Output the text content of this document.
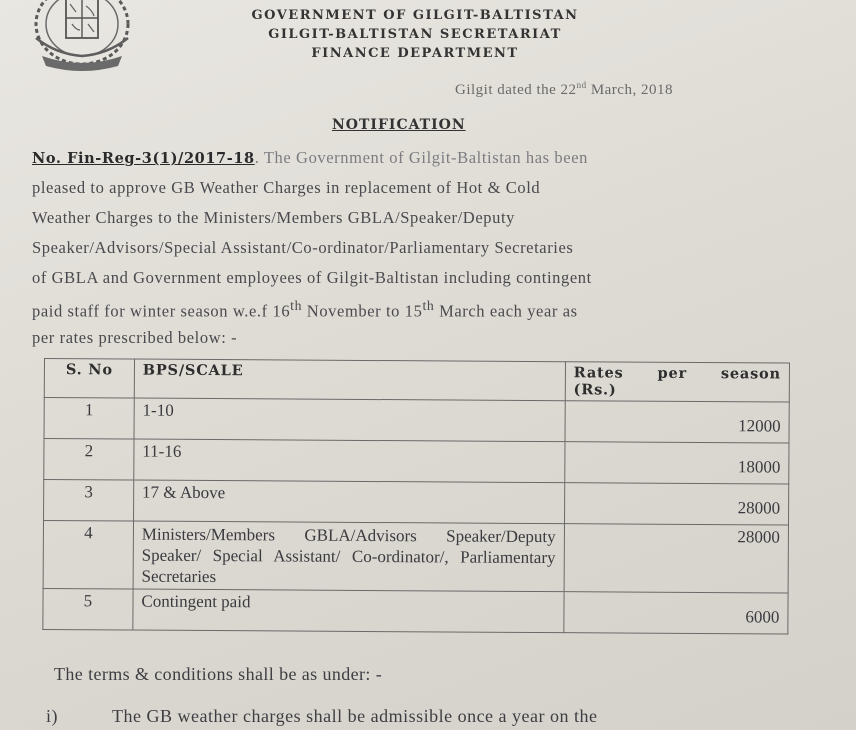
GOVERNMENT OF GILGIT-BALTISTAN
GILGIT-BALTISTAN SECRETARIAT
FINANCE DEPARTMENT
Gilgit dated the 22nd March, 2018
NOTIFICATION
No. Fin-Reg-3(1)/2017-18. The Government of Gilgit-Baltistan has been
pleased to approve GB Weather Charges in replacement of Hot & Cold
Weather Charges to the Ministers/Members GBLA/Speaker/Deputy
Speaker/Advisors/Special Assistant/Co-ordinator/Parliamentary Secretaries
of GBLA and Government employees of Gilgit-Baltistan including contingent
paid staff for winter season w.e.f 16th November to 15th March each year as
per rates prescribed below: -
S. No	BPS/SCALE	Rates per season
(Rs.)

1	1-10	12000
2	11-16	18000
3	17 & Above	28000
4	Ministers/Members GBLA/Advisors Speaker/Deputy Speaker/ Special Assistant/ Co-ordinator/, Parliamentary Secretaries	28000
5	Contingent paid	6000
The terms & conditions shall be as under: -
i)	The GB weather charges shall be admissible once a year on the
